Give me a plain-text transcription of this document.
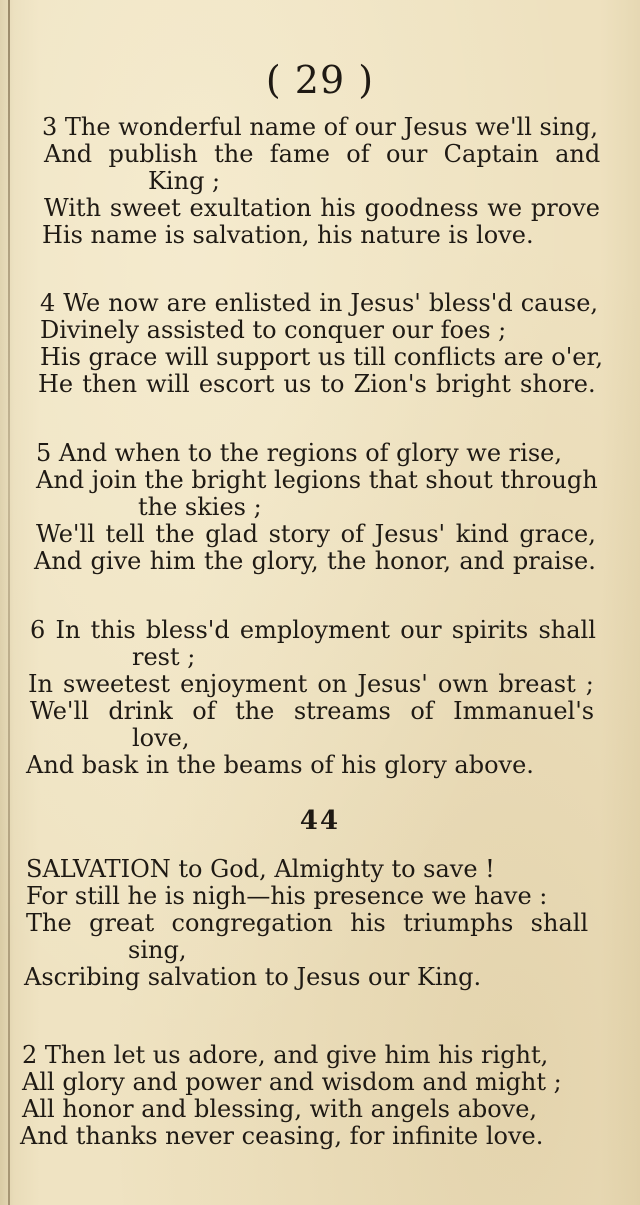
( 29 )
3 The wonderful name of our Jesus we'll sing,
And publish the fame of our Captain and
King ;
With sweet exultation his goodness we prove
His name is salvation, his nature is love.
4 We now are enlisted in Jesus' bless'd cause,
Divinely assisted to conquer our foes ;
His grace will support us till conflicts are o'er,
He then will escort us to Zion's bright shore.
5 And when to the regions of glory we rise,
And join the bright legions that shout through
the skies ;
We'll tell the glad story of Jesus' kind grace,
And give him the glory, the honor, and praise.
6 In this bless'd employment our spirits shall
rest ;
In sweetest enjoyment on Jesus' own breast ;
We'll drink of the streams of Immanuel's
love,
And bask in the beams of his glory above.
44
SALVATION to God, Almighty to save !
For still he is nigh—his presence we have :
The great congregation his triumphs shall
sing,
Ascribing salvation to Jesus our King.
2 Then let us adore, and give him his right,
All glory and power and wisdom and might ;
All honor and blessing, with angels above,
And thanks never ceasing, for infinite love.
